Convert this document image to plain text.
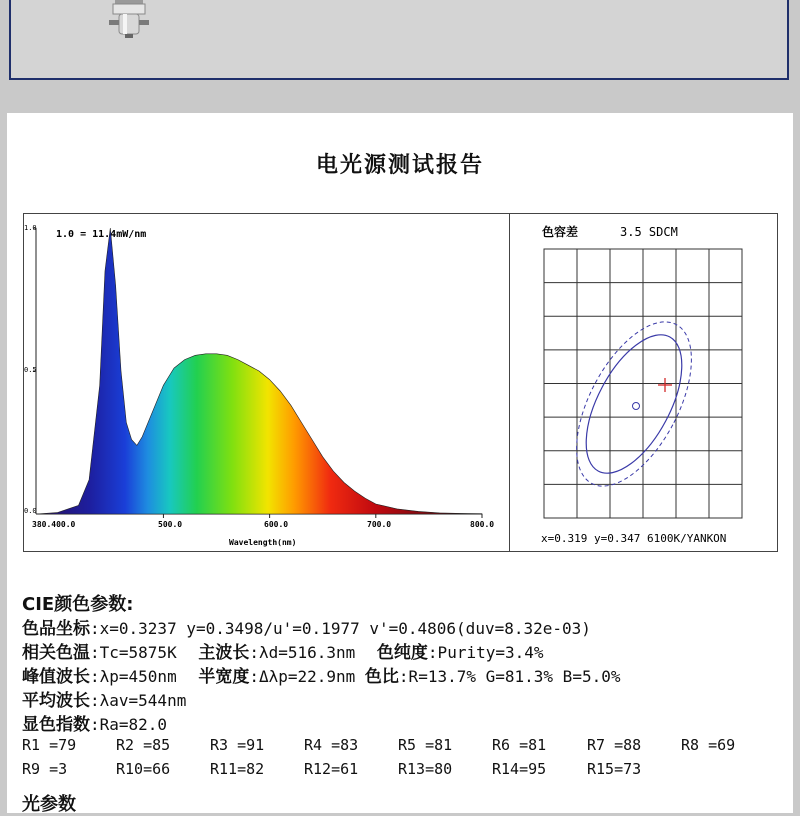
电光源测试报告
1.0 = 11.4mW/nm
1.0
0.5
0.0
380.400.0	500.0	600.0	700.0	800.0
Wavelength(nm)
色容差	3.5 SDCM
x=0.319 y=0.347 6100K/YANKON
CIE颜色参数:
色品坐标:x=0.3237 y=0.3498/u'=0.1977 v'=0.4806(duv=8.32e-03)
相关色温:Tc=5875K 主波长:λd=516.3nm 色纯度:Purity=3.4%
峰值波长:λp=450nm 半宽度:Δλp=22.9nm 色比:R=13.7% G=81.3% B=5.0%
平均波长:λav=544nm
显色指数:Ra=82.0
R1 =79	R2 =85	R3 =91	R4 =83	R5 =81	R6 =81	R7 =88	R8 =69
R9 =3	R10=66	R11=82	R12=61	R13=80	R14=95	R15=73
光参数
